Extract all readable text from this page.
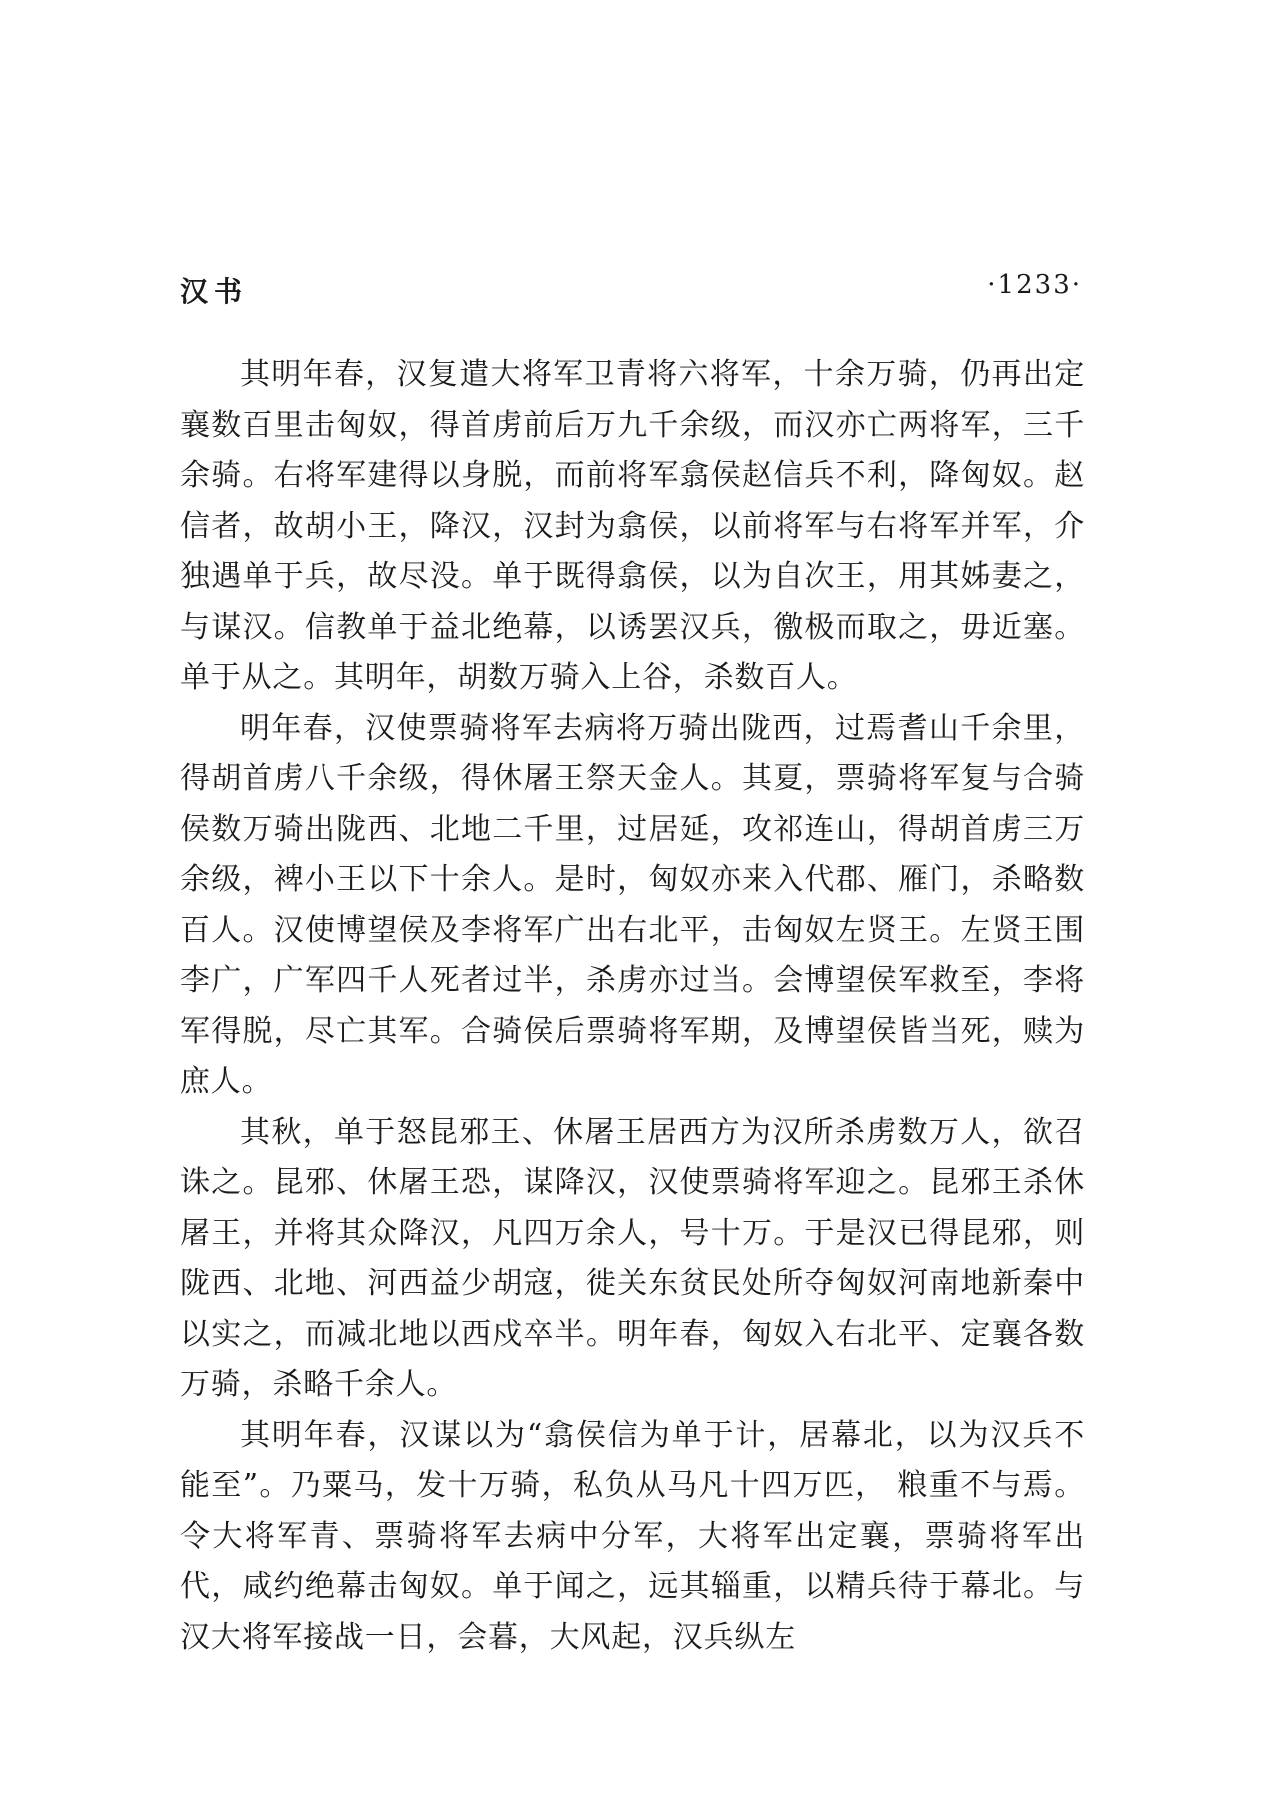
汉书	·1233·

其明年春，汉复遣大将军卫青将六将军，十余万骑，仍再出定襄数百里击匈奴，得首虏前后万九千余级，而汉亦亡两将军，三千余骑。右将军建得以身脱，而前将军翕侯赵信兵不利，降匈奴。赵信者，故胡小王，降汉，汉封为翕侯，以前将军与右将军并军，介独遇单于兵，故尽没。单于既得翕侯，以为自次王，用其姊妻之，与谋汉。信教单于益北绝幕，以诱罢汉兵，徼极而取之，毋近塞。单于从之。其明年，胡数万骑入上谷，杀数百人。

明年春，汉使票骑将军去病将万骑出陇西，过焉耆山千余里，得胡首虏八千余级，得休屠王祭天金人。其夏，票骑将军复与合骑侯数万骑出陇西、北地二千里，过居延，攻祁连山，得胡首虏三万余级，裨小王以下十余人。是时，匈奴亦来入代郡、雁门，杀略数百人。汉使博望侯及李将军广出右北平，击匈奴左贤王。左贤王围李广，广军四千人死者过半，杀虏亦过当。会博望侯军救至，李将军得脱，尽亡其军。合骑侯后票骑将军期，及博望侯皆当死，赎为庶人。

其秋，单于怒昆邪王、休屠王居西方为汉所杀虏数万人，欲召诛之。昆邪、休屠王恐，谋降汉，汉使票骑将军迎之。昆邪王杀休屠王，并将其众降汉，凡四万余人，号十万。于是汉已得昆邪，则陇西、北地、河西益少胡寇，徙关东贫民处所夺匈奴河南地新秦中以实之，而减北地以西戍卒半。明年春，匈奴入右北平、定襄各数万骑，杀略千余人。

其明年春，汉谋以为“翕侯信为单于计，居幕北，以为汉兵不能至”。乃粟马，发十万骑，私负从马凡十四万匹， 粮重不与焉。令大将军青、票骑将军去病中分军，大将军出定襄，票骑将军出代，咸约绝幕击匈奴。单于闻之，远其辎重，以精兵待于幕北。与汉大将军接战一日，会暮，大风起，汉兵纵左
